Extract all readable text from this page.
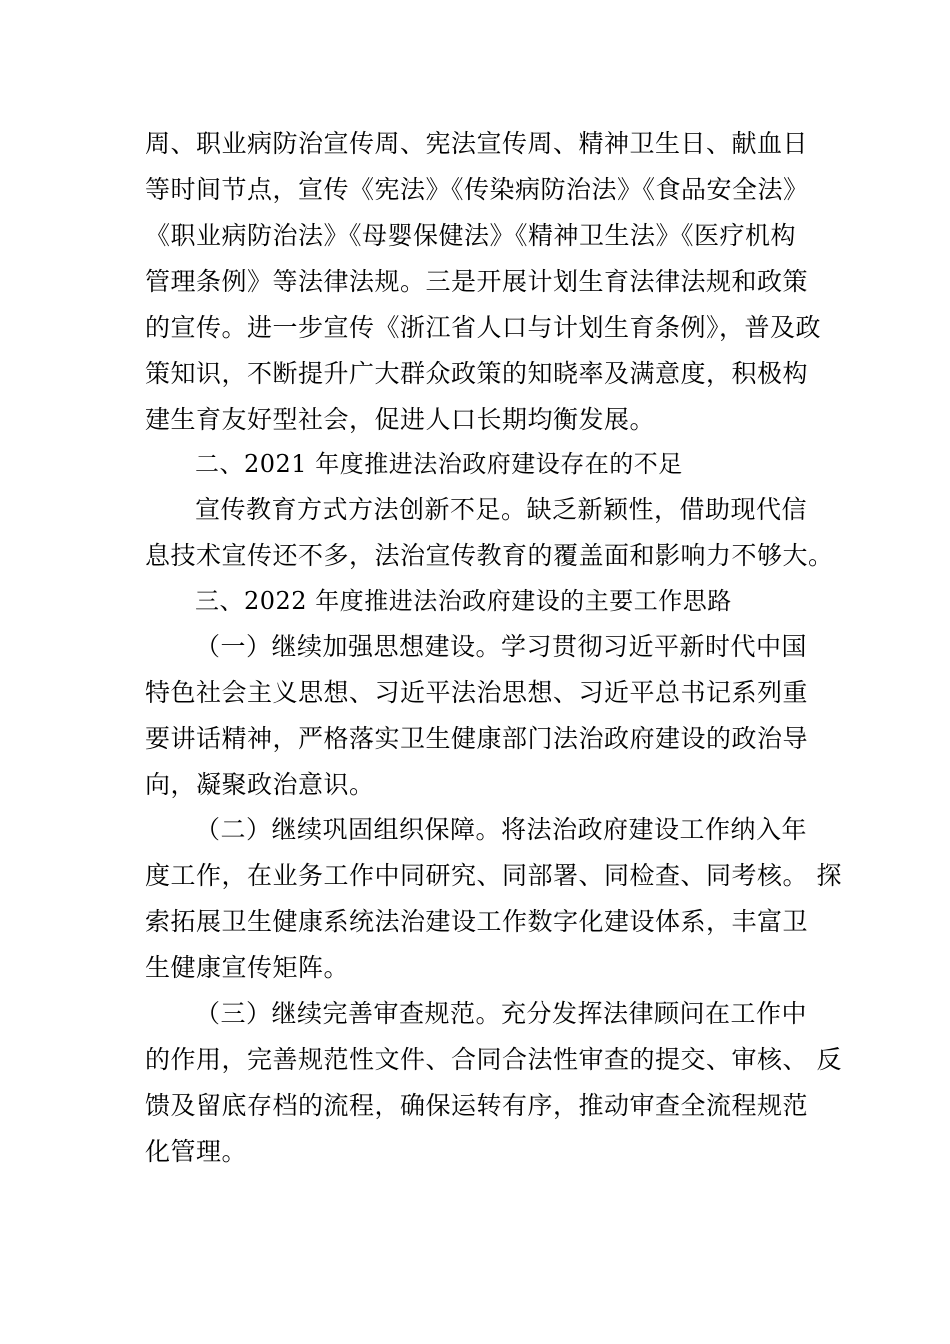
周、职业病防治宣传周、宪法宣传周、精神卫生日、献血日
等时间节点，宣传《宪法》《传染病防治法》《食品安全法》
《职业病防治法》《母婴保健法》《精神卫生法》《医疗机构
管理条例》等法律法规。三是开展计划生育法律法规和政策
的宣传。进一步宣传《浙江省人口与计划生育条例》，普及政
策知识，不断提升广大群众政策的知晓率及满意度，积极构
建生育友好型社会，促进人口长期均衡发展。
二、2021 年度推进法治政府建设存在的不足
宣传教育方式方法创新不足。缺乏新颖性，借助现代信
息技术宣传还不多，法治宣传教育的覆盖面和影响力不够大。
三、2022 年度推进法治政府建设的主要工作思路
（一）继续加强思想建设。学习贯彻习近平新时代中国
特色社会主义思想、习近平法治思想、习近平总书记系列重
要讲话精神，严格落实卫生健康部门法治政府建设的政治导
向，凝聚政治意识。
（二）继续巩固组织保障。将法治政府建设工作纳入年
度工作，在业务工作中同研究、同部署、同检查、同考核。 探
索拓展卫生健康系统法治建设工作数字化建设体系，丰富卫
生健康宣传矩阵。
（三）继续完善审查规范。充分发挥法律顾问在工作中
的作用，完善规范性文件、合同合法性审查的提交、审核、 反
馈及留底存档的流程，确保运转有序，推动审查全流程规范
化管理。
